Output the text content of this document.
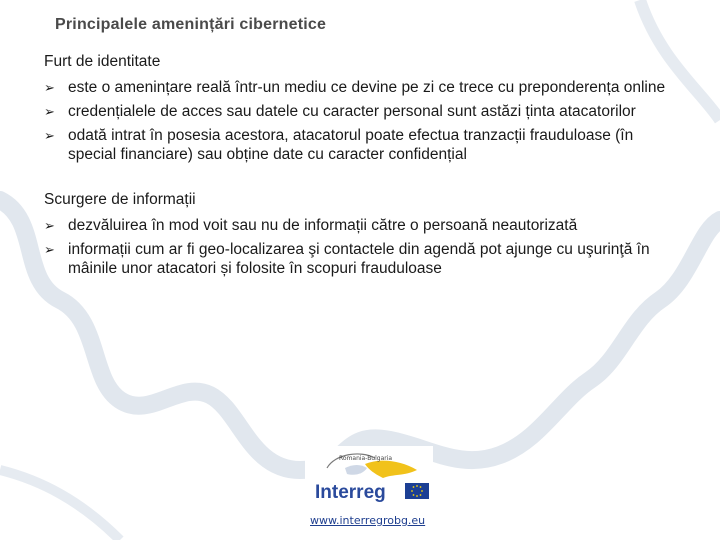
Principalele amenințări cibernetice
Furt de identitate
➢ este o amenințare reală într-un mediu ce devine pe zi ce trece cu preponderența online
➢ credențialele de acces sau datele cu caracter personal sunt astăzi ținta atacatorilor
➢ odată intrat în posesia acestora, atacatorul poate efectua tranzacții frauduloase (în special financiare) sau obține date cu caracter confidențial
Scurgere de informații
➢ dezvăluirea în mod voit sau nu de informații către o persoană neautorizată
➢ informații cum ar fi geo-localizarea şi contactele din agendă pot ajunge cu uşurinţă în mâinile unor atacatori și folosite în scopuri frauduloase
Romania-Bulgaria
Interreg
www.interregrobg.eu
